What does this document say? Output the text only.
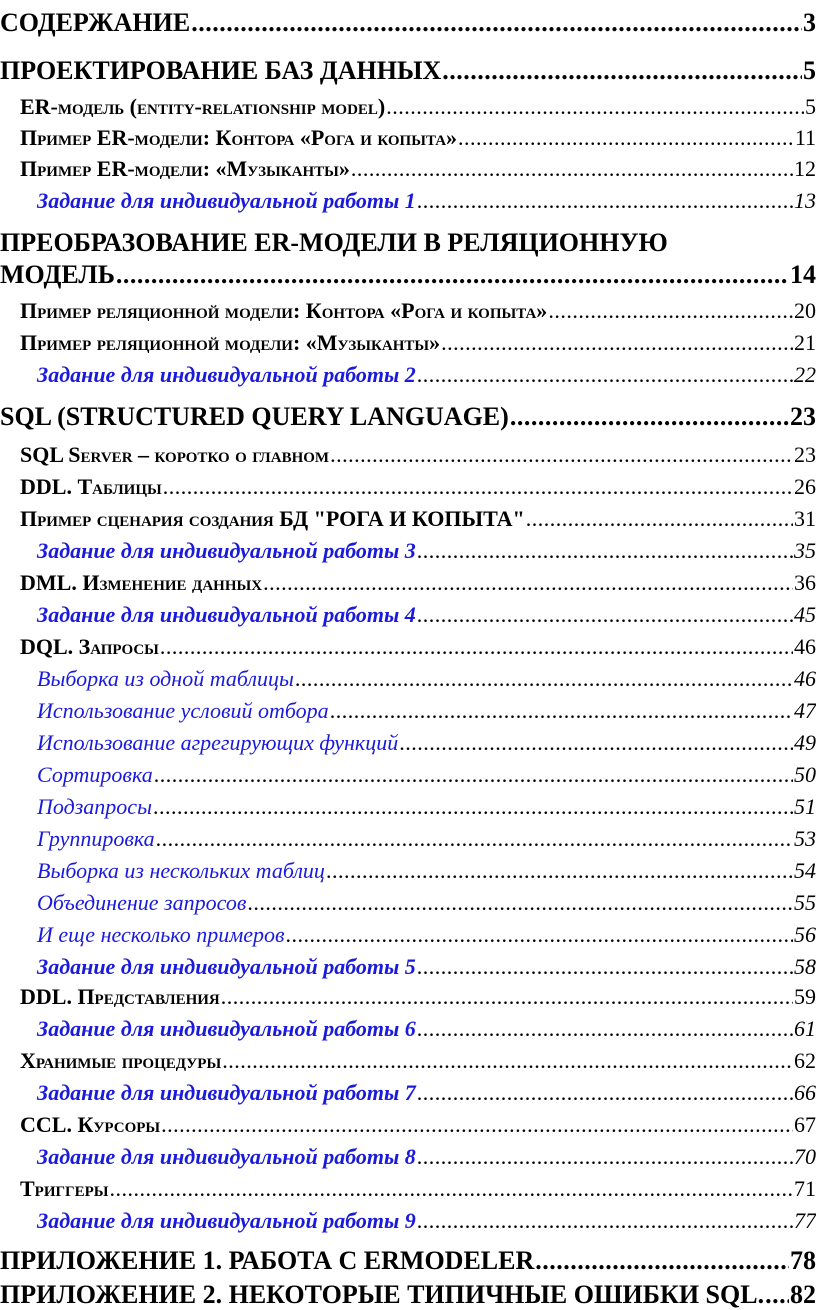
СОДЕРЖАНИЕ .....	3
ПРОЕКТИРОВАНИЕ БАЗ ДАННЫХ .....	5
ER-модель (entity-relationship model) .....	5
Пример ER-модели: Контора «Рога и копыта» .....	11
Пример ER-модели: «Музыканты» .....	12
Задание для индивидуальной работы 1 .....	13
ПРЕОБРАЗОВАНИЕ ER-МОДЕЛИ В РЕЛЯЦИОННУЮ
МОДЕЛЬ .....	14
Пример реляционной модели: Контора «Рога и копыта» .....	20
Пример реляционной модели: «Музыканты» .....	21
Задание для индивидуальной работы 2 .....	22
SQL (STRUCTURED QUERY LANGUAGE) .....	23
SQL Server – коротко о главном .....	23
DDL. Таблицы .....	26
Пример сценария создания БД "РОГА И КОПЫТА" .....	31
Задание для индивидуальной работы 3 .....	35
DML. Изменение данных .....	36
Задание для индивидуальной работы 4 .....	45
DQL. Запросы .....	46
Выборка из одной таблицы .....	46
Использование условий отбора .....	47
Использование агрегирующих функций .....	49
Сортировка .....	50
Подзапросы .....	51
Группировка .....	53
Выборка из нескольких таблиц .....	54
Объединение запросов .....	55
И еще несколько примеров .....	56
Задание для индивидуальной работы 5 .....	58
DDL. Представления .....	59
Задание для индивидуальной работы 6 .....	61
Хранимые процедуры .....	62
Задание для индивидуальной работы 7 .....	66
CCL. Курсоры .....	67
Задание для индивидуальной работы 8 .....	70
Триггеры .....	71
Задание для индивидуальной работы 9 .....	77
ПРИЛОЖЕНИЕ 1. РАБОТА С ERMODELER .....	78
ПРИЛОЖЕНИЕ 2. НЕКОТОРЫЕ ТИПИЧНЫЕ ОШИБКИ SQL. ..... 82
